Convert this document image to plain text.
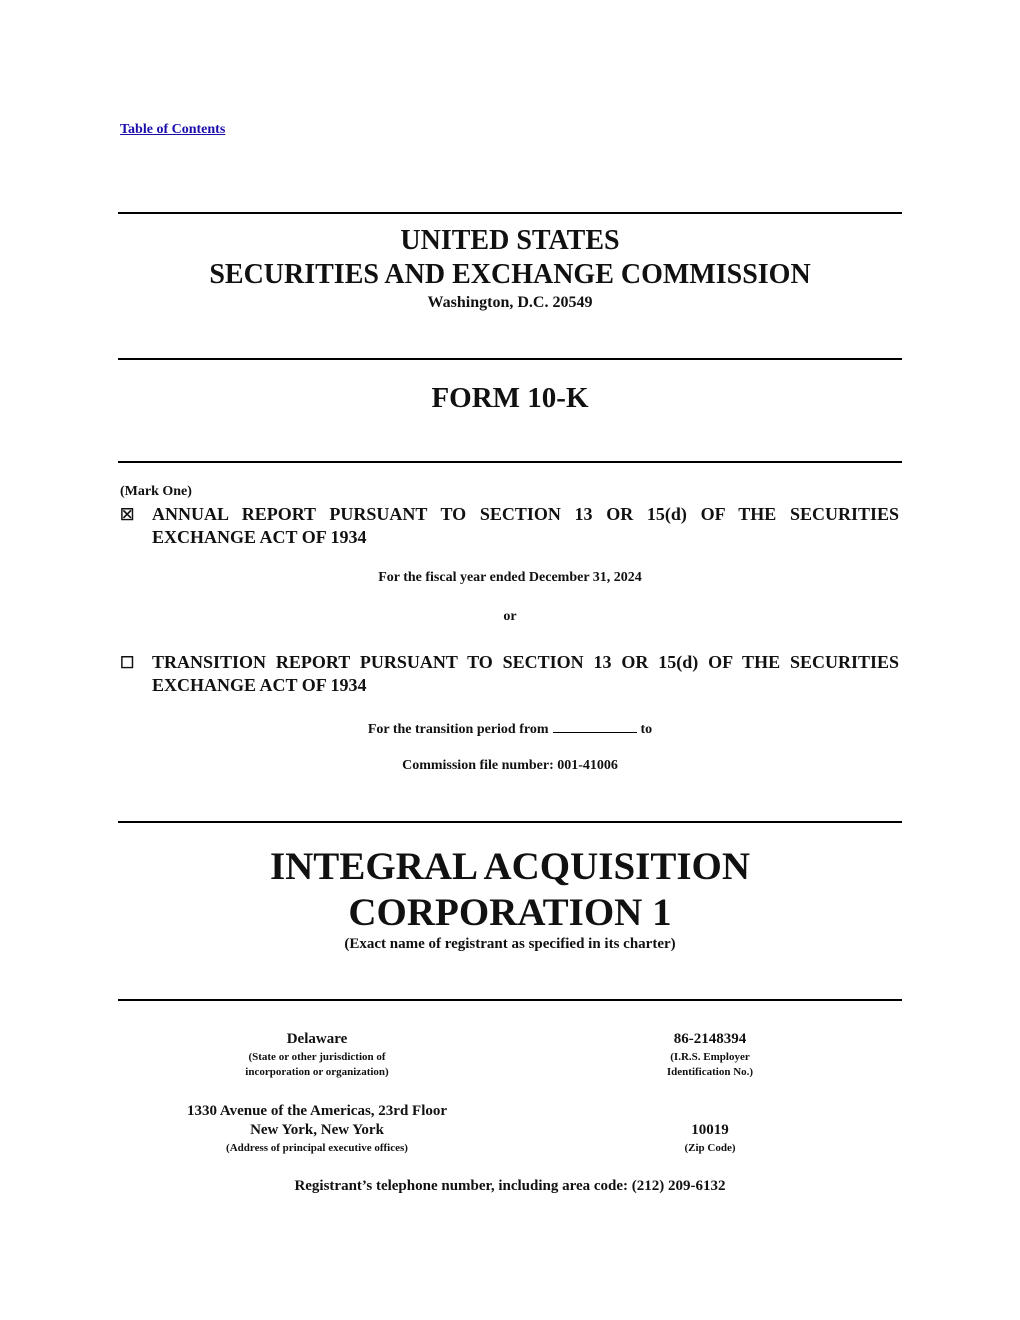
Table of Contents
UNITED STATES
SECURITIES AND EXCHANGE COMMISSION
Washington, D.C. 20549
FORM 10-K
(Mark One)
☒ ANNUAL REPORT PURSUANT TO SECTION 13 OR 15(d) OF THE SECURITIES EXCHANGE ACT OF 1934
For the fiscal year ended December 31, 2024
or
☐ TRANSITION REPORT PURSUANT TO SECTION 13 OR 15(d) OF THE SECURITIES EXCHANGE ACT OF 1934
For the transition period from	to
Commission file number: 001-41006
INTEGRAL ACQUISITION
CORPORATION 1
(Exact name of registrant as specified in its charter)
Delaware
(State or other jurisdiction of
incorporation or organization)
86-2148394
(I.R.S. Employer
Identification No.)
1330 Avenue of the Americas, 23rd Floor
New York, New York
(Address of principal executive offices)
10019
(Zip Code)
Registrant’s telephone number, including area code: (212) 209-6132
